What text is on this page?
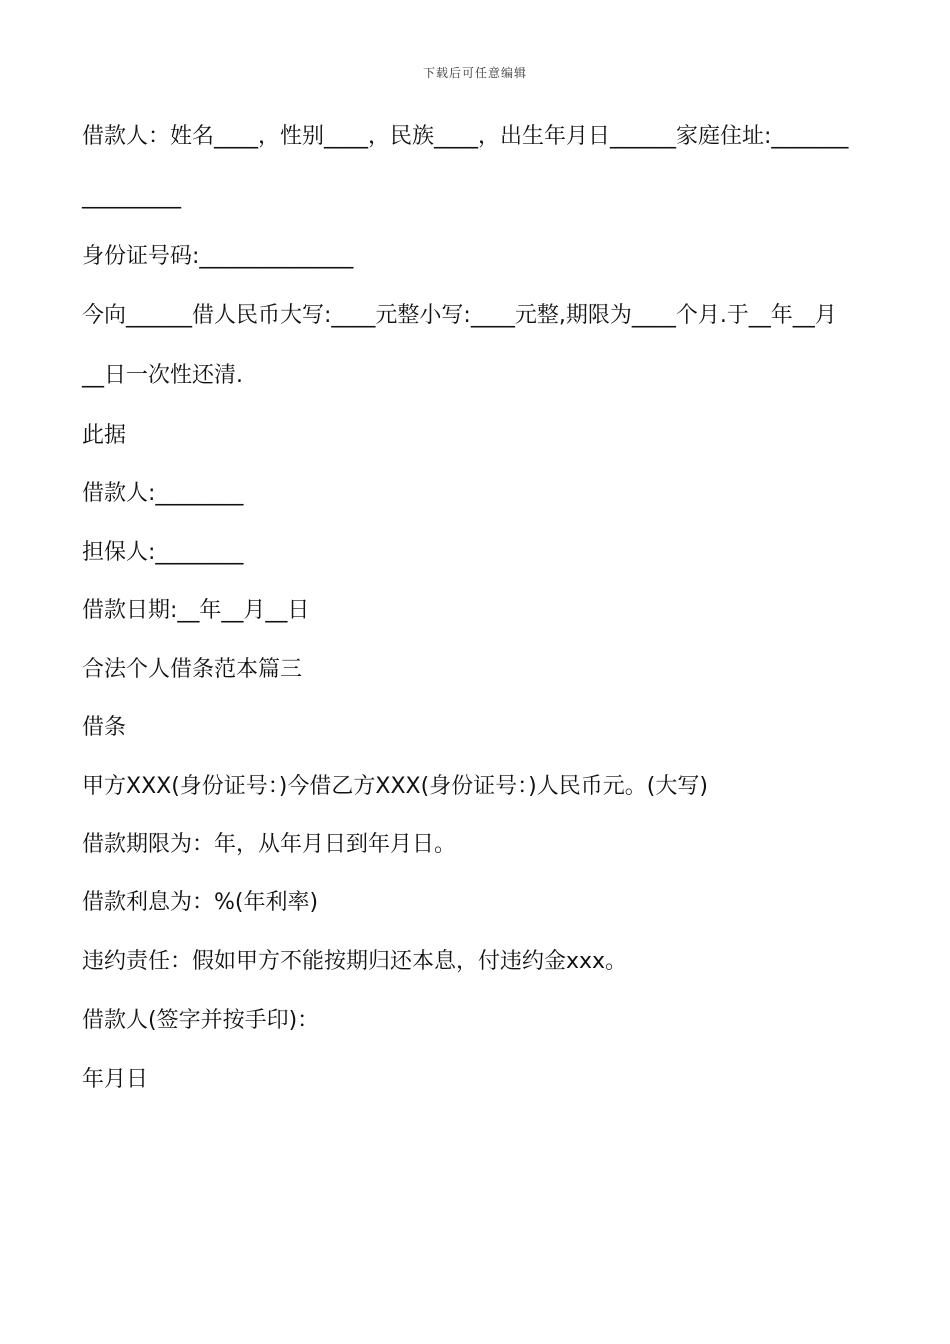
下载后可任意编辑
借款人：姓名____，性别____，民族____，出生年月日______家庭住址:_______
_________
身份证号码:______________
今向______借人民币大写:____元整小写:____元整,期限为____个月.于__年__月
__日一次性还清.
此据
借款人:________
担保人:________
借款日期:__年__月__日
合法个人借条范本篇三
借条
甲方XXX(身份证号：)今借乙方XXX(身份证号：)人民币元。(大写)
借款期限为：年，从年月日到年月日。
借款利息为：%(年利率)
违约责任：假如甲方不能按期归还本息，付违约金xxx。
借款人(签字并按手印)：
年月日
